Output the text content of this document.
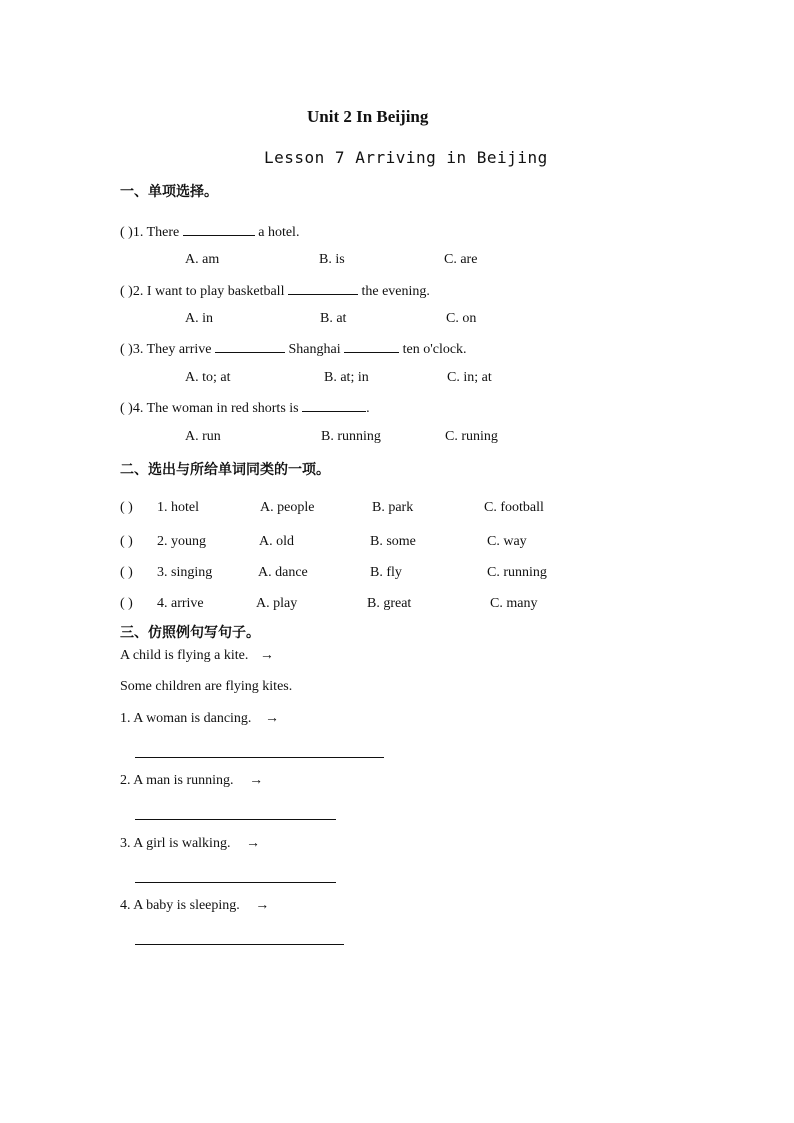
Unit 2 In Beijing
Lesson 7 Arriving in Beijing
一、单项选择。
( )1. There	a hotel.
A. am	B. is	C. are
( )2. I want to play basketball	the evening.
A. in	B. at	C. on
( )3. They arrive	Shanghai	ten o'clock.
A. to; at	B. at; in	C. in; at
( )4. The woman in red shorts is	.
A. run	B. running	C. runing
二、选出与所给单词同类的一项。
( ) 1. hotel	A. people	B. park	C. football
( ) 2. young	A. old	B. some	C. way
( ) 3. singing	A. dance	B. fly	C. running
( ) 4. arrive	A. play	B. great	C. many
三、仿照例句写句子。
A child is flying a kite. →
Some children are flying kites.
1. A woman is dancing. →
2. A man is running. →
3. A girl is walking. →
4. A baby is sleeping. →
